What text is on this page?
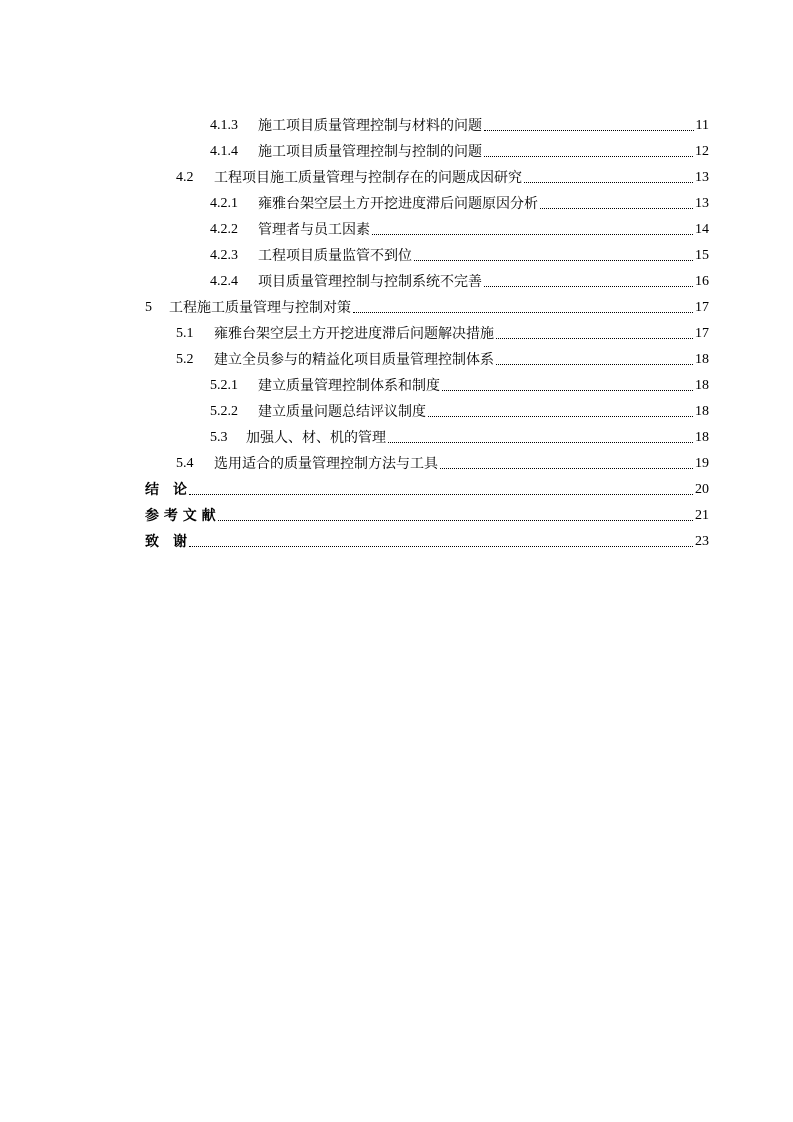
4.1.3	施工项目质量管理控制与材料的问题	11
4.1.4	施工项目质量管理控制与控制的问题	12
4.2	工程项目施工质量管理与控制存在的问题成因研究	13
4.2.1	雍雅台架空层土方开挖进度滞后问题原因分析	13
4.2.2	管理者与员工因素	14
4.2.3	工程项目质量监管不到位	15
4.2.4	项目质量管理控制与控制系统不完善	16
5	工程施工质量管理与控制对策	17
5.1	雍雅台架空层土方开挖进度滞后问题解决措施	17
5.2	建立全员参与的精益化项目质量管理控制体系	18
5.2.1	建立质量管理控制体系和制度	18
5.2.2	建立质量问题总结评议制度	18
5.3	加强人、材、机的管理	18
5.4	选用适合的质量管理控制方法与工具	19
结　论	20
参 考 文 献	21
致　谢	23
